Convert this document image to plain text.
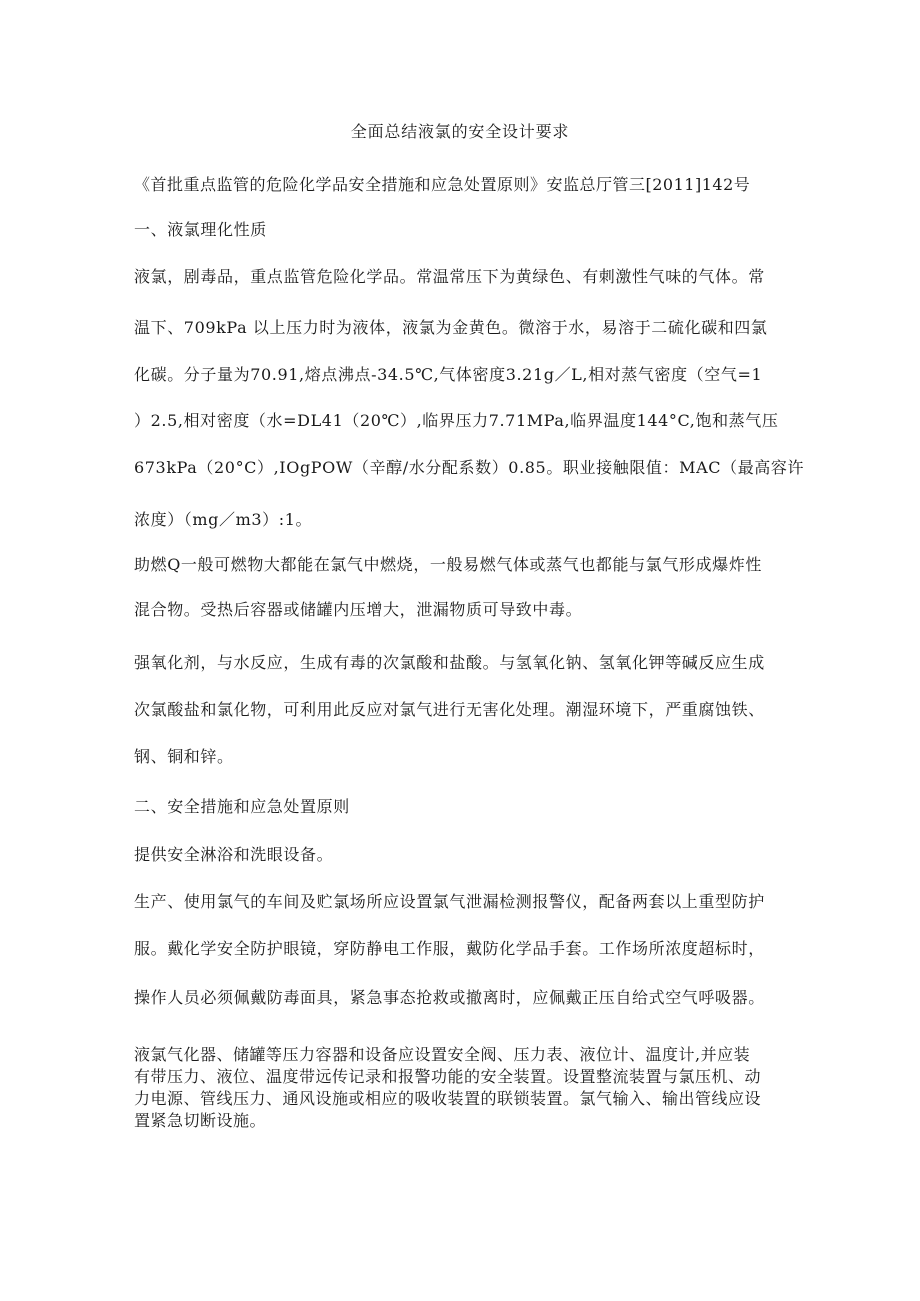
全面总结液氯的安全设计要求
《首批重点监管的危险化学品安全措施和应急处置原则》安监总厅管三[2011]142号
一、液氯理化性质
液氯，剧毒品，重点监管危险化学品。常温常压下为黄绿色、有刺激性气味的气体。常
温下、709kPa 以上压力时为液体，液氯为金黄色。微溶于水，易溶于二硫化碳和四氯
化碳。分子量为70.91,熔点沸点-34.5℃,气体密度3.21g／L,相对蒸气密度（空气=1
）2.5,相对密度（水=DL41（20℃）,临界压力7.71MPa,临界温度144°C,饱和蒸气压
673kPa（20°C）,IOgPOW（辛醇/水分配系数）0.85。职业接触限值：MAC（最高容许
浓度）（mg／m3）:1。
助燃Q一般可燃物大都能在氯气中燃烧，一般易燃气体或蒸气也都能与氯气形成爆炸性
混合物。受热后容器或储罐内压增大，泄漏物质可导致中毒。
强氧化剂，与水反应，生成有毒的次氯酸和盐酸。与氢氧化钠、氢氧化钾等碱反应生成
次氯酸盐和氯化物，可利用此反应对氯气进行无害化处理。潮湿环境下，严重腐蚀铁、
钢、铜和锌。
二、安全措施和应急处置原则
提供安全淋浴和洗眼设备。
生产、使用氯气的车间及贮氯场所应设置氯气泄漏检测报警仪，配备两套以上重型防护
服。戴化学安全防护眼镜，穿防静电工作服，戴防化学品手套。工作场所浓度超标时，
操作人员必须佩戴防毒面具，紧急事态抢救或撤离时，应佩戴正压自给式空气呼吸器。
液氯气化器、储罐等压力容器和设备应设置安全阀、压力表、液位计、温度计,并应装
有带压力、液位、温度带远传记录和报警功能的安全装置。设置整流装置与氯压机、动
力电源、管线压力、通风设施或相应的吸收装置的联锁装置。氯气输入、输出管线应设
置紧急切断设施。
